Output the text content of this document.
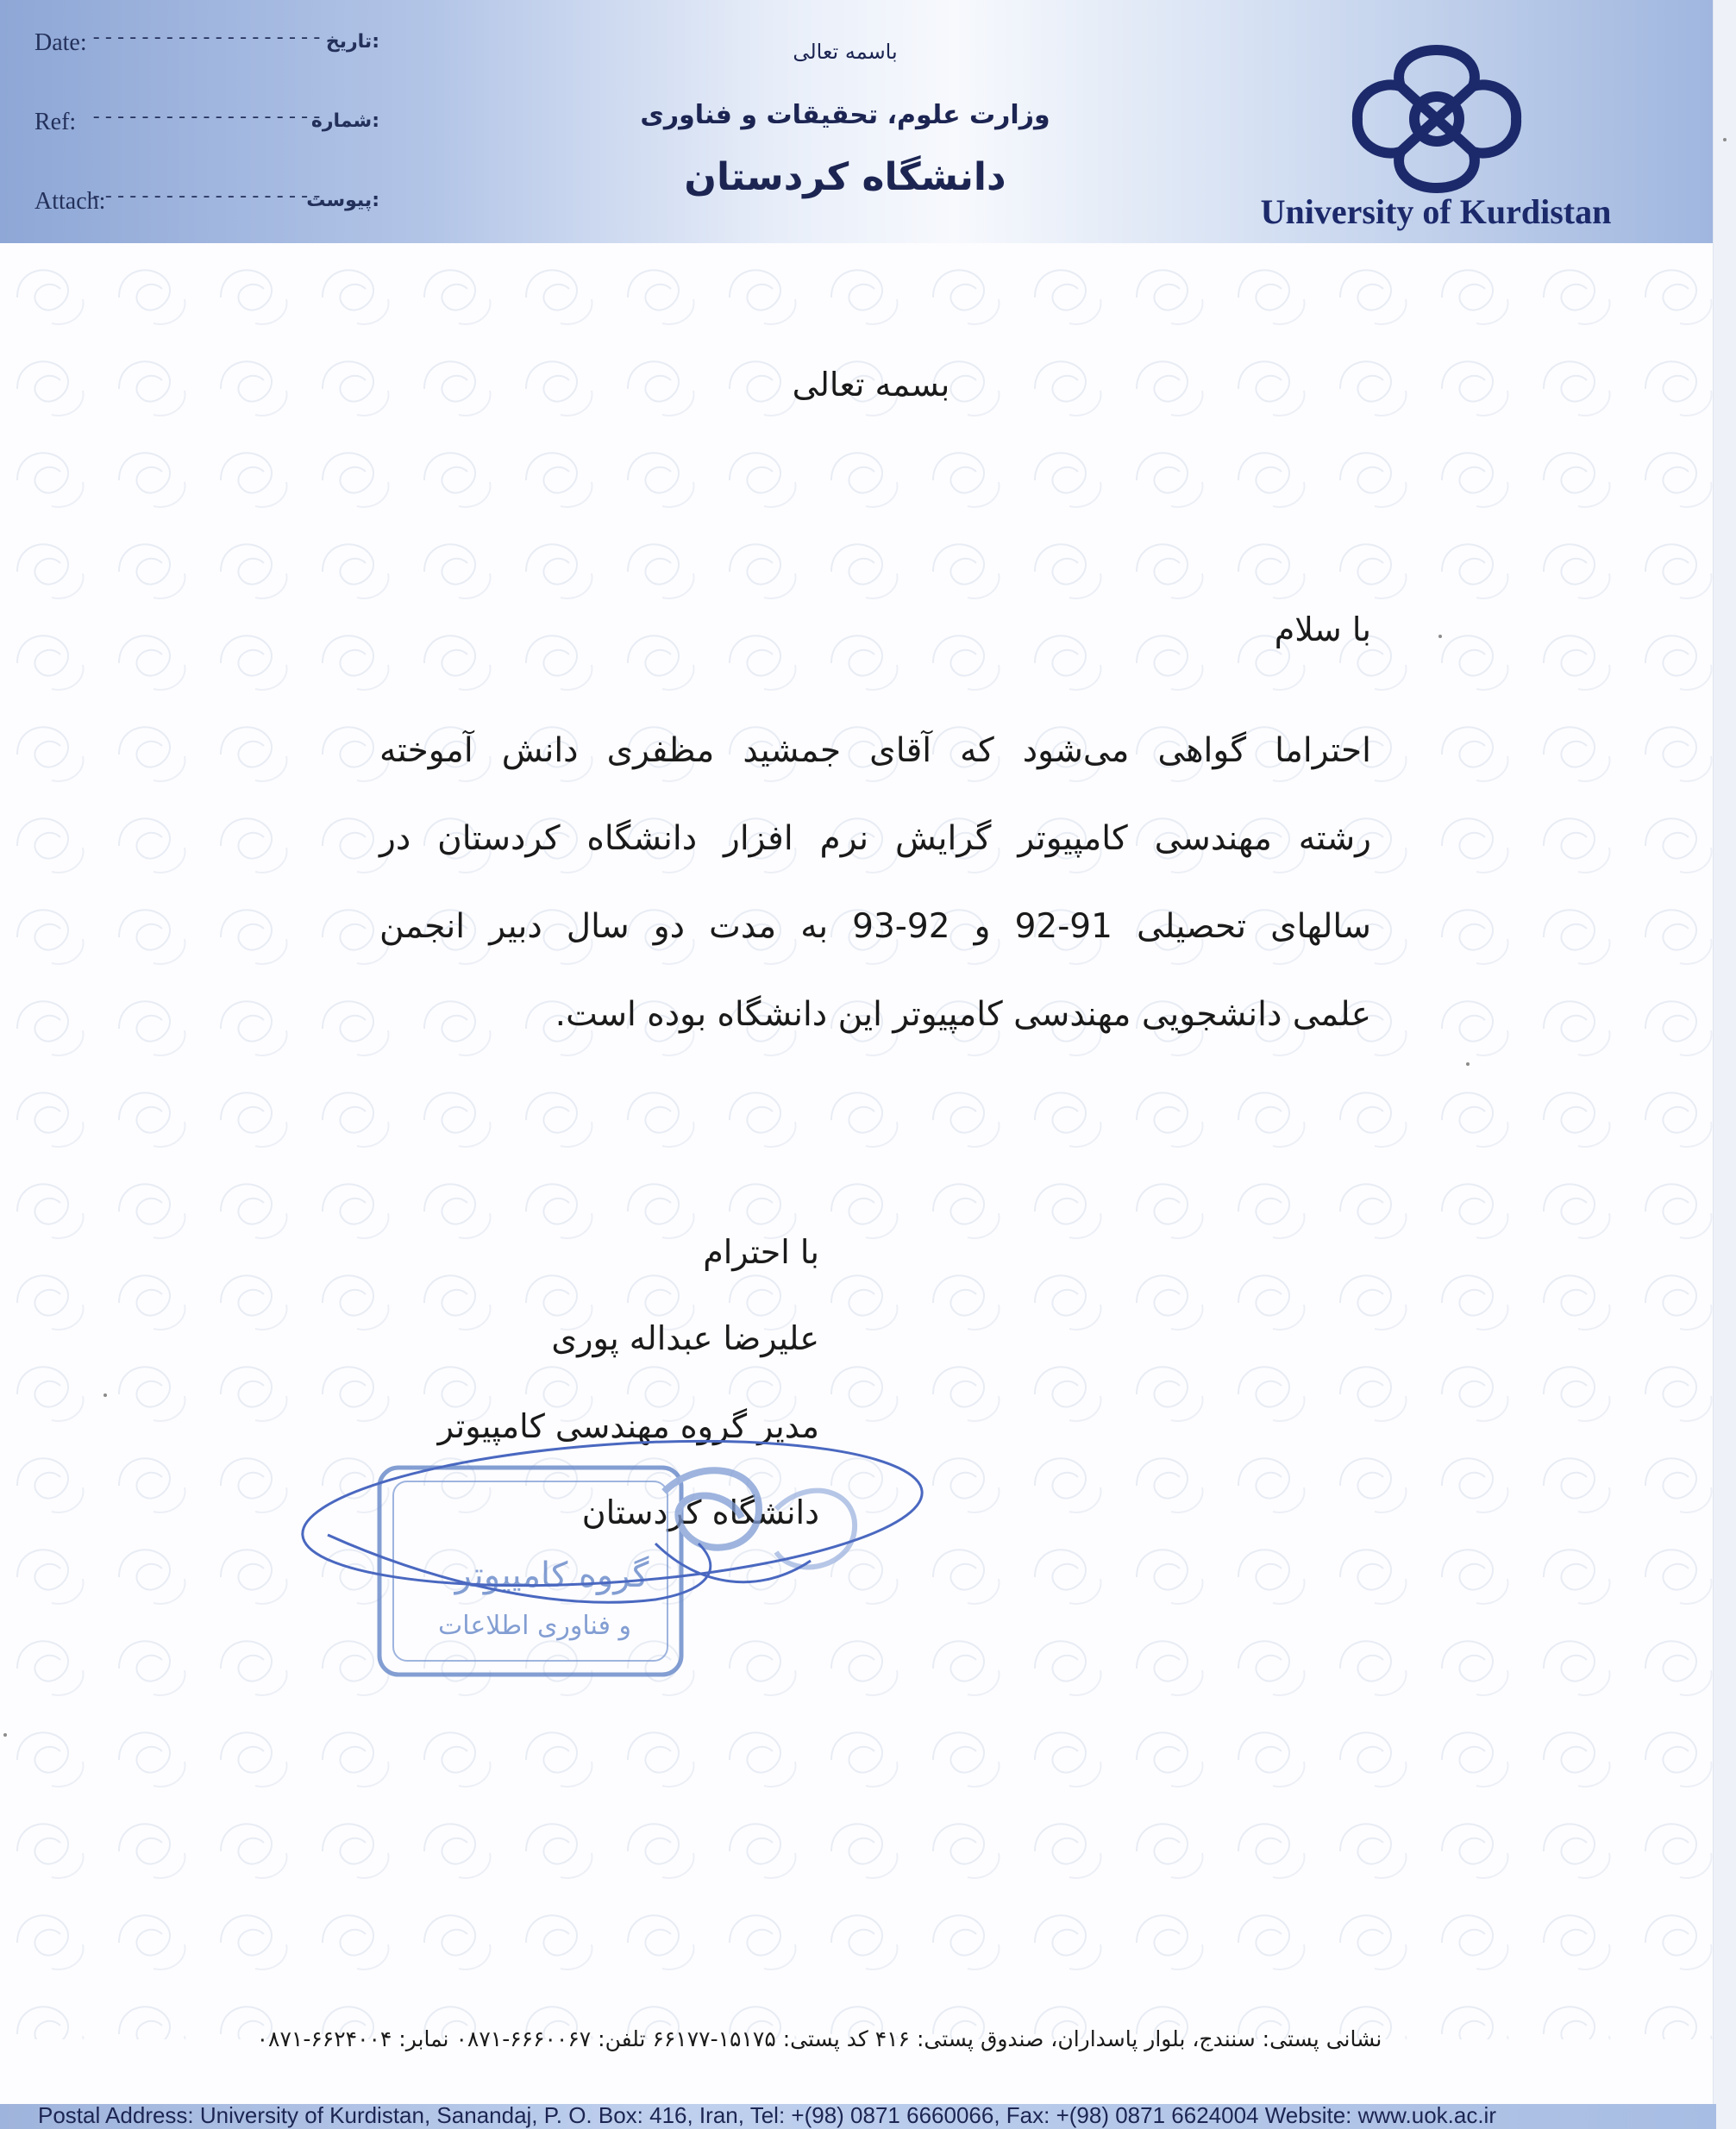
Date: ------------------- تاریخ:
Ref: -------------------
شماره:
Attach:
-------------------
پیوست:
باسمه تعالی
وزارت علوم، تحقیقات و فناوری
دانشگاه کردستان
University of Kurdistan
بسمه تعالی
با سلام
احتراما گواهی می‌شود که آقای جمشید مظفری دانش آموخته
رشته مهندسی کامپیوتر گرایش نرم افزار دانشگاه کردستان در
سالهای تحصیلی 91-92 و 92-93 به مدت دو سال دبیر انجمن
علمی دانشجویی مهندسی کامپیوتر این دانشگاه بوده است.
با احترام
علیرضا عبداله پوری
مدیر گروه مهندسی کامپیوتر
دانشگاه کردستان
گروه کامپیوتر
و فناوری اطلاعات
نشانی پستی: سنندج، بلوار پاسداران، صندوق پستی: ۴۱۶ کد پستی: ۱۵۱۷۵-۶۶۱۷۷ تلفن: ۶۶۶۰۰۶۷-۰۸۷۱ نمابر: ۶۶۲۴۰۰۴-۰۸۷۱
Postal Address: University of Kurdistan, Sanandaj, P. O. Box: 416, Iran, Tel: +(98) 0871 6660066, Fax: +(98) 0871 6624004 Website: www.uok.ac.ir
